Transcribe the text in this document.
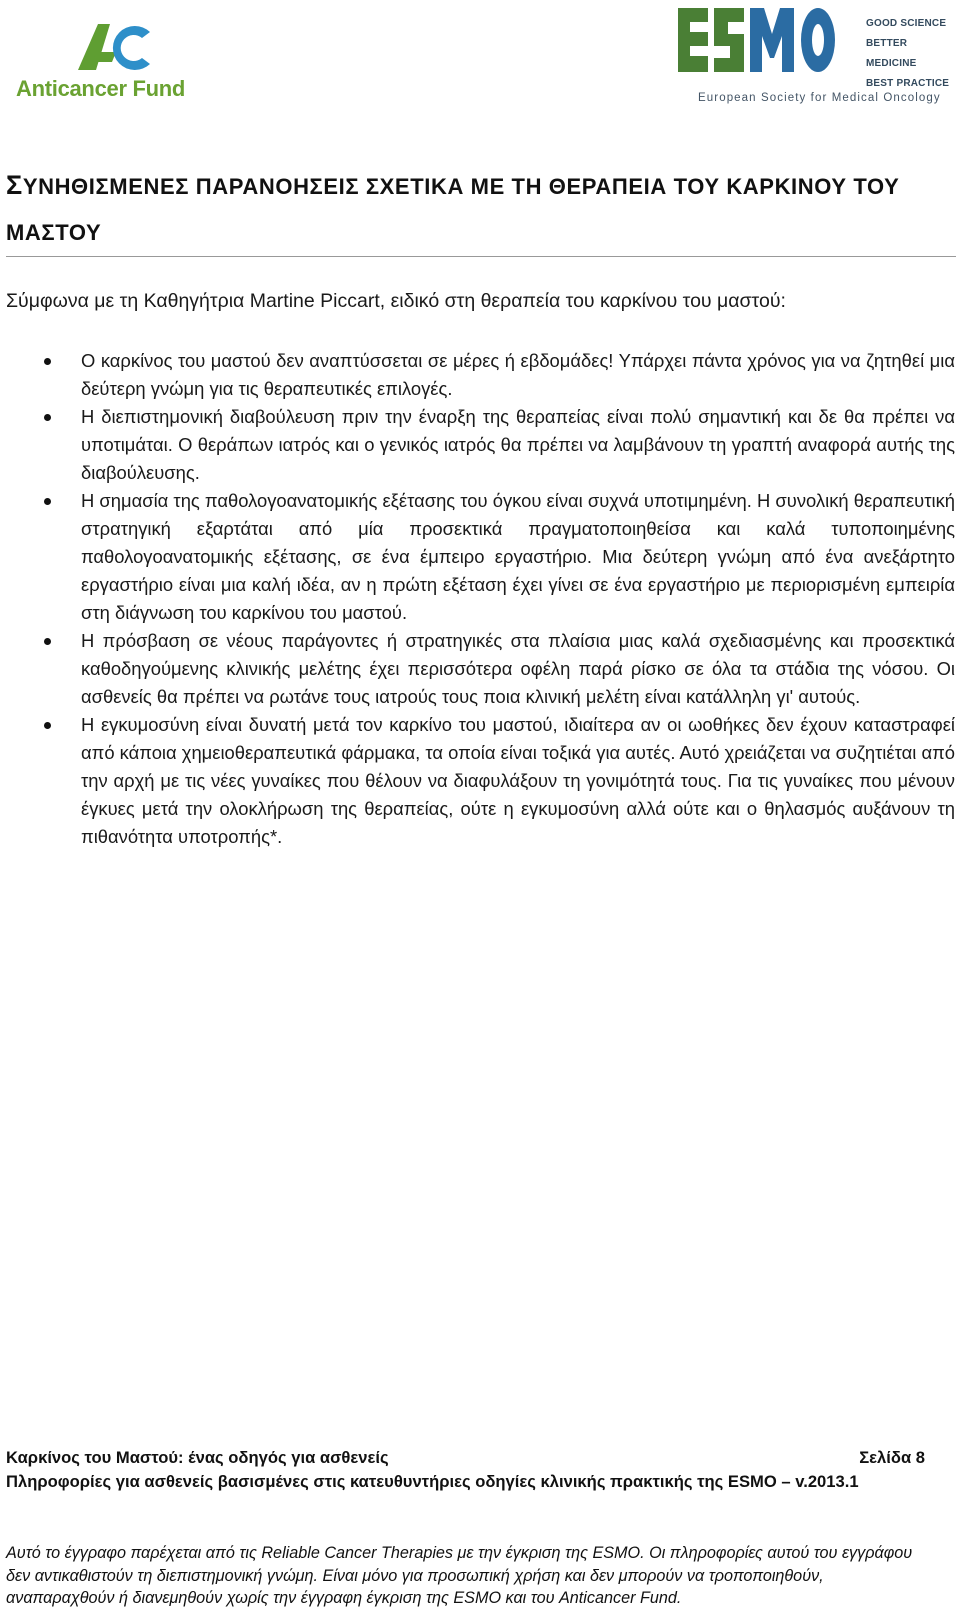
Anticancer Fund
GOOD SCIENCE
BETTER MEDICINE
BEST PRACTICE
European Society for Medical Oncology
ΣΥΝΗΘΙΣΜΕΝΕΣ ΠΑΡΑΝΟΗΣΕΙΣ ΣΧΕΤΙΚΑ ΜΕ ΤΗ ΘΕΡΑΠΕΙΑ ΤΟΥ ΚΑΡΚΙΝΟΥ ΤΟΥ ΜΑΣΤΟΥ
Σύμφωνα με τη Καθηγήτρια Martine Piccart, ειδικό στη θεραπεία του καρκίνου του μαστού:
Ο καρκίνος του μαστού δεν αναπτύσσεται σε μέρες ή εβδομάδες! Υπάρχει πάντα χρόνος για να ζητηθεί μια δεύτερη γνώμη για τις θεραπευτικές επιλογές.
Η διεπιστημονική διαβούλευση πριν την έναρξη της θεραπείας είναι πολύ σημαντική και δε θα πρέπει να υποτιμάται. Ο θεράπων ιατρός και ο γενικός ιατρός θα πρέπει να λαμβάνουν τη γραπτή αναφορά αυτής της διαβούλευσης.
Η σημασία της παθολογοανατομικής εξέτασης του όγκου είναι συχνά υποτιμημένη. Η συνολική θεραπευτική στρατηγική εξαρτάται από μία προσεκτικά πραγματοποιηθείσα και καλά τυποποιημένης παθολογοανατομικής εξέτασης, σε ένα έμπειρο εργαστήριο. Μια δεύτερη γνώμη από ένα ανεξάρτητο εργαστήριο είναι μια καλή ιδέα, αν η πρώτη εξέταση έχει γίνει σε ένα εργαστήριο με περιορισμένη εμπειρία στη διάγνωση του καρκίνου του μαστού.
Η πρόσβαση σε νέους παράγοντες ή στρατηγικές στα πλαίσια μιας καλά σχεδιασμένης και προσεκτικά καθοδηγούμενης κλινικής μελέτης έχει περισσότερα οφέλη παρά ρίσκο σε όλα τα στάδια της νόσου. Οι ασθενείς θα πρέπει να ρωτάνε τους ιατρούς τους ποια κλινική μελέτη είναι κατάλληλη γι' αυτούς.
Η εγκυμοσύνη είναι δυνατή μετά τον καρκίνο του μαστού, ιδιαίτερα αν οι ωοθήκες δεν έχουν καταστραφεί από κάποια χημειοθεραπευτικά φάρμακα, τα οποία είναι τοξικά για αυτές. Αυτό χρειάζεται να συζητιέται από την αρχή με τις νέες γυναίκες που θέλουν να διαφυλάξουν τη γονιμότητά τους. Για τις γυναίκες που μένουν έγκυες μετά την ολοκλήρωση της θεραπείας, ούτε η εγκυμοσύνη αλλά ούτε και ο θηλασμός αυξάνουν τη πιθανότητα υποτροπής*.
Καρκίνος του Μαστού: ένας οδηγός για ασθενείς	Σελίδα 8
Πληροφορίες για ασθενείς βασισμένες στις κατευθυντήριες οδηγίες κλινικής πρακτικής της ESMO – v.2013.1
Αυτό το έγγραφο παρέχεται από τις Reliable Cancer Therapies με την έγκριση της ESMO. Οι πληροφορίες αυτού του εγγράφου δεν αντικαθιστούν τη διεπιστημονική γνώμη. Είναι μόνο για προσωπική χρήση και δεν μπορούν να τροποποιηθούν, αναπαραχθούν ή διανεμηθούν χωρίς την έγγραφη έγκριση της ESMO και του Anticancer Fund.
